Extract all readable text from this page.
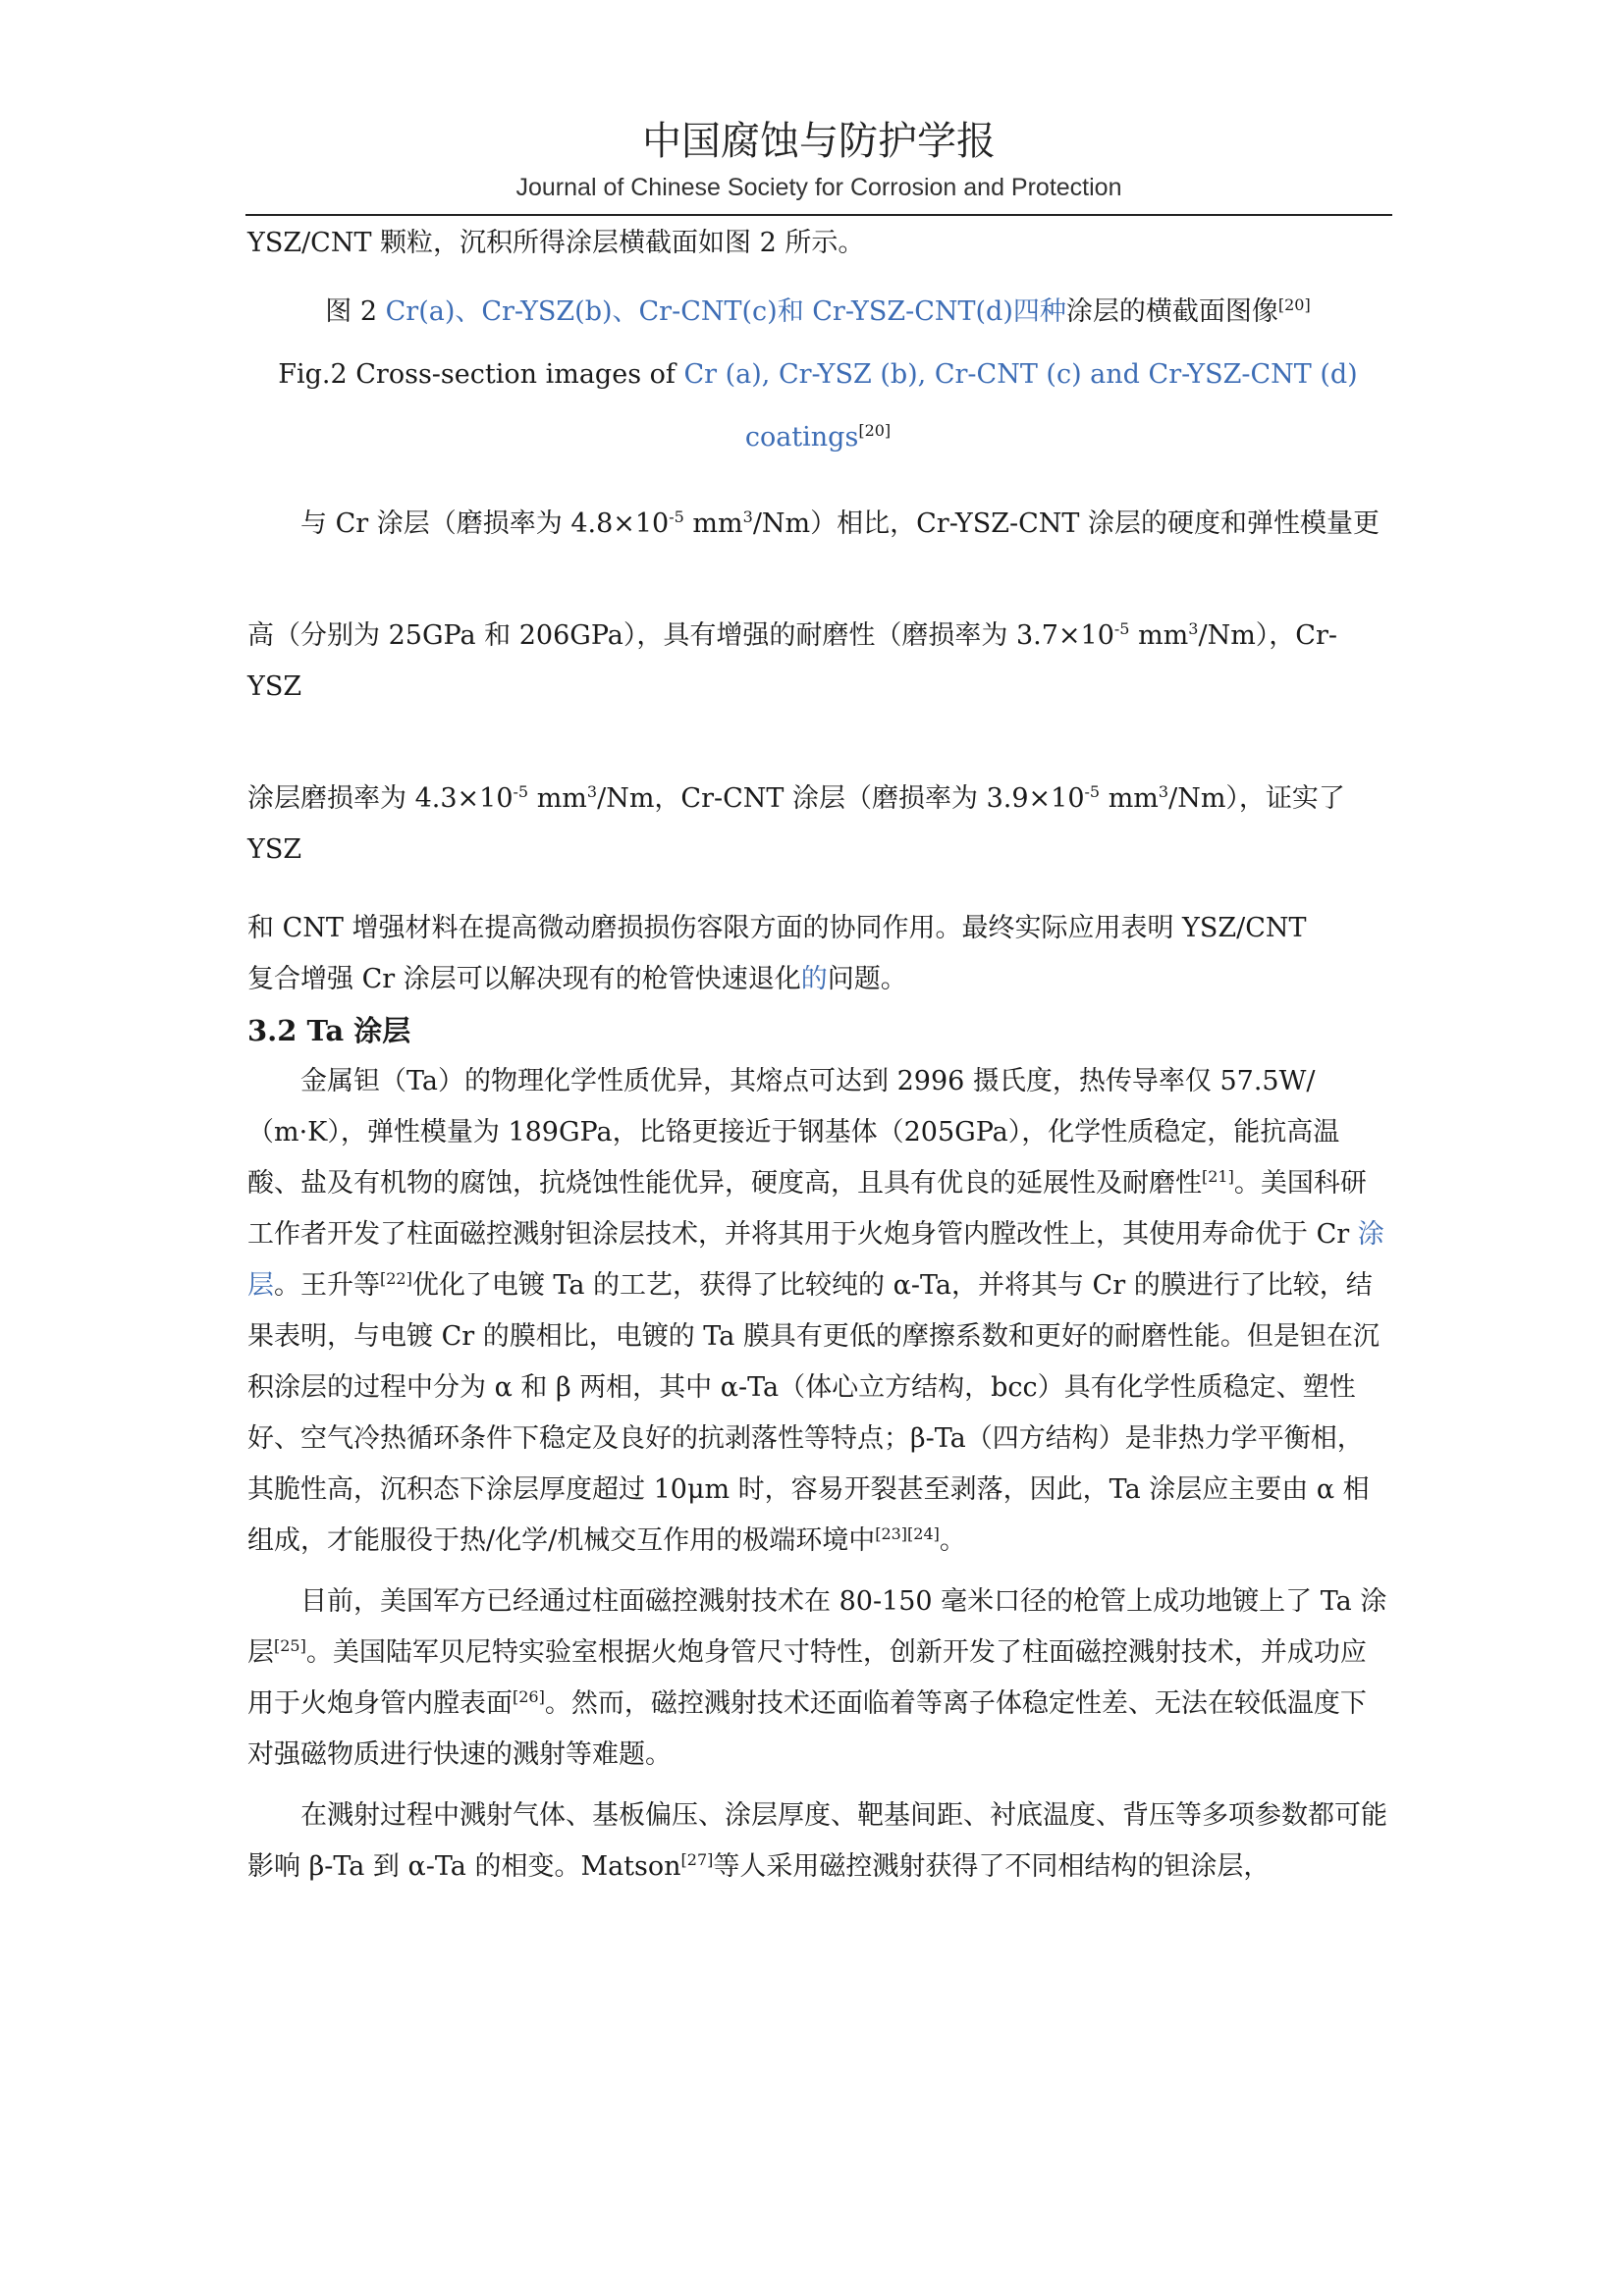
中国腐蚀与防护学报
Journal of Chinese Society for Corrosion and Protection

YSZ/CNT 颗粒，沉积所得涂层横截面如图 2 所示。

图 2 Cr(a)、Cr-YSZ(b)、Cr-CNT(c)和 Cr-YSZ-CNT(d)四种涂层的横截面图像[20]

Fig.2 Cross-section images of Cr (a), Cr-YSZ (b), Cr-CNT (c) and Cr-YSZ-CNT (d)

coatings[20]

与 Cr 涂层（磨损率为 $4.8\times 10^{-5}$ $mm^3/Nm$）相比，Cr-YSZ-CNT 涂层的硬度和弹性模量更

高（分别为 25GPa 和 206GPa），具有增强的耐磨性（磨损率为 $3.7\times 10^{-5}$ $mm^3/Nm$），Cr-YSZ

涂层磨损率为 $4.3\times 10^{-5}$ $mm^3/Nm$，Cr-CNT 涂层（磨损率为 $3.9\times 10^{-5}$ $mm^3/Nm$），证实了 YSZ

和 CNT 增强材料在提高微动磨损损伤容限方面的协同作用。最终实际应用表明 YSZ/CNT

复合增强 Cr 涂层可以解决现有的枪管快速退化的问题。

3.2 Ta 涂层

金属钽（Ta）的物理化学性质优异，其熔点可达到 2996 摄氏度，热传导率仅 57.5W/（m·K），弹性模量为 189GPa，比铬更接近于钢基体（205GPa），化学性质稳定，能抗高温酸、盐及有机物的腐蚀，抗烧蚀性能优异，硬度高，且具有优良的延展性及耐磨性[21]。美国科研工作者开发了柱面磁控溅射钽涂层技术，并将其用于火炮身管内膛改性上，其使用寿命优于 Cr 涂层。王升等[22]优化了电镀 Ta 的工艺，获得了比较纯的 α-Ta，并将其与 Cr 的膜进行了比较，结果表明，与电镀 Cr 的膜相比，电镀的 Ta 膜具有更低的摩擦系数和更好的耐磨性能。但是钽在沉积涂层的过程中分为 α 和 β 两相，其中 α-Ta（体心立方结构，bcc）具有化学性质稳定、塑性好、空气冷热循环条件下稳定及良好的抗剥落性等特点；β-Ta（四方结构）是非热力学平衡相，其脆性高，沉积态下涂层厚度超过 10μm 时，容易开裂甚至剥落，因此，Ta 涂层应主要由 α 相组成，才能服役于热/化学/机械交互作用的极端环境中[23][24]。

目前，美国军方已经通过柱面磁控溅射技术在 80-150 毫米口径的枪管上成功地镀上了 Ta 涂层[25]。美国陆军贝尼特实验室根据火炮身管尺寸特性，创新开发了柱面磁控溅射技术，并成功应用于火炮身管内膛表面[26]。然而，磁控溅射技术还面临着等离子体稳定性差、无法在较低温度下对强磁物质进行快速的溅射等难题。

在溅射过程中溅射气体、基板偏压、涂层厚度、靶基间距、衬底温度、背压等多项参数都可能影响 β-Ta 到 α-Ta 的相变。Matson[27]等人采用磁控溅射获得了不同相结构的钽涂层，
